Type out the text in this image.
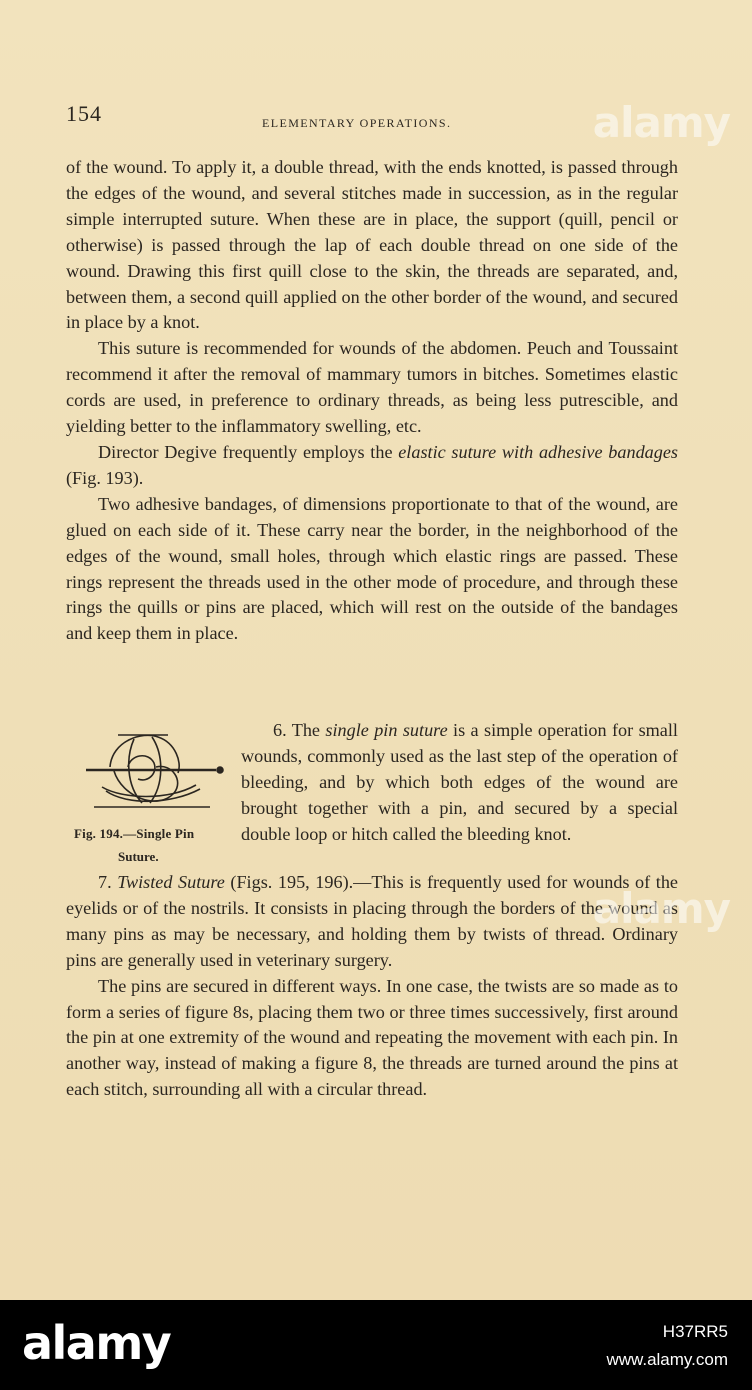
154	ELEMENTARY OPERATIONS.

of the wound. To apply it, a double thread, with the ends knotted, is passed through the edges of the wound, and several stitches made in succession, as in the regular simple interrupted suture. When these are in place, the support (quill, pencil or otherwise) is passed through the lap of each double thread on one side of the wound. Drawing this first quill close to the skin, the threads are separated, and, between them, a second quill applied on the other border of the wound, and secured in place by a knot.

This suture is recommended for wounds of the abdomen. Peuch and Toussaint recommend it after the removal of mammary tumors in bitches. Sometimes elastic cords are used, in preference to ordinary threads, as being less putrescible, and yielding better to the inflammatory swelling, etc.

Director Degive frequently employs the elastic suture with adhesive bandages (Fig. 193).

Two adhesive bandages, of dimensions proportionate to that of the wound, are glued on each side of it. These carry near the border, in the neighborhood of the edges of the wound, small holes, through which elastic rings are passed. These rings represent the threads used in the other mode of procedure, and through these rings the quills or pins are placed, which will rest on the outside of the bandages and keep them in place.

Fig. 194.—Single Pin
Suture.

6. The single pin suture is a simple operation for small wounds, commonly used as the last step of the operation of bleeding, and by which both edges of the wound are brought together with a pin, and secured by a special double loop or hitch called the bleeding knot.

7. Twisted Suture (Figs. 195, 196).—This is frequently used for wounds of the eyelids or of the nostrils. It consists in placing through the borders of the wound as many pins as may be necessary, and holding them by twists of thread. Ordinary pins are generally used in veterinary surgery.

The pins are secured in different ways. In one case, the twists are so made as to form a series of figure 8s, placing them two or three times successively, first around the pin at one extremity of the wound and repeating the movement with each pin. In another way, instead of making a figure 8, the threads are turned around the pins at each stitch, surrounding all with a circular thread.

alamy
alamy
alamy	H37RR5
www.alamy.com
